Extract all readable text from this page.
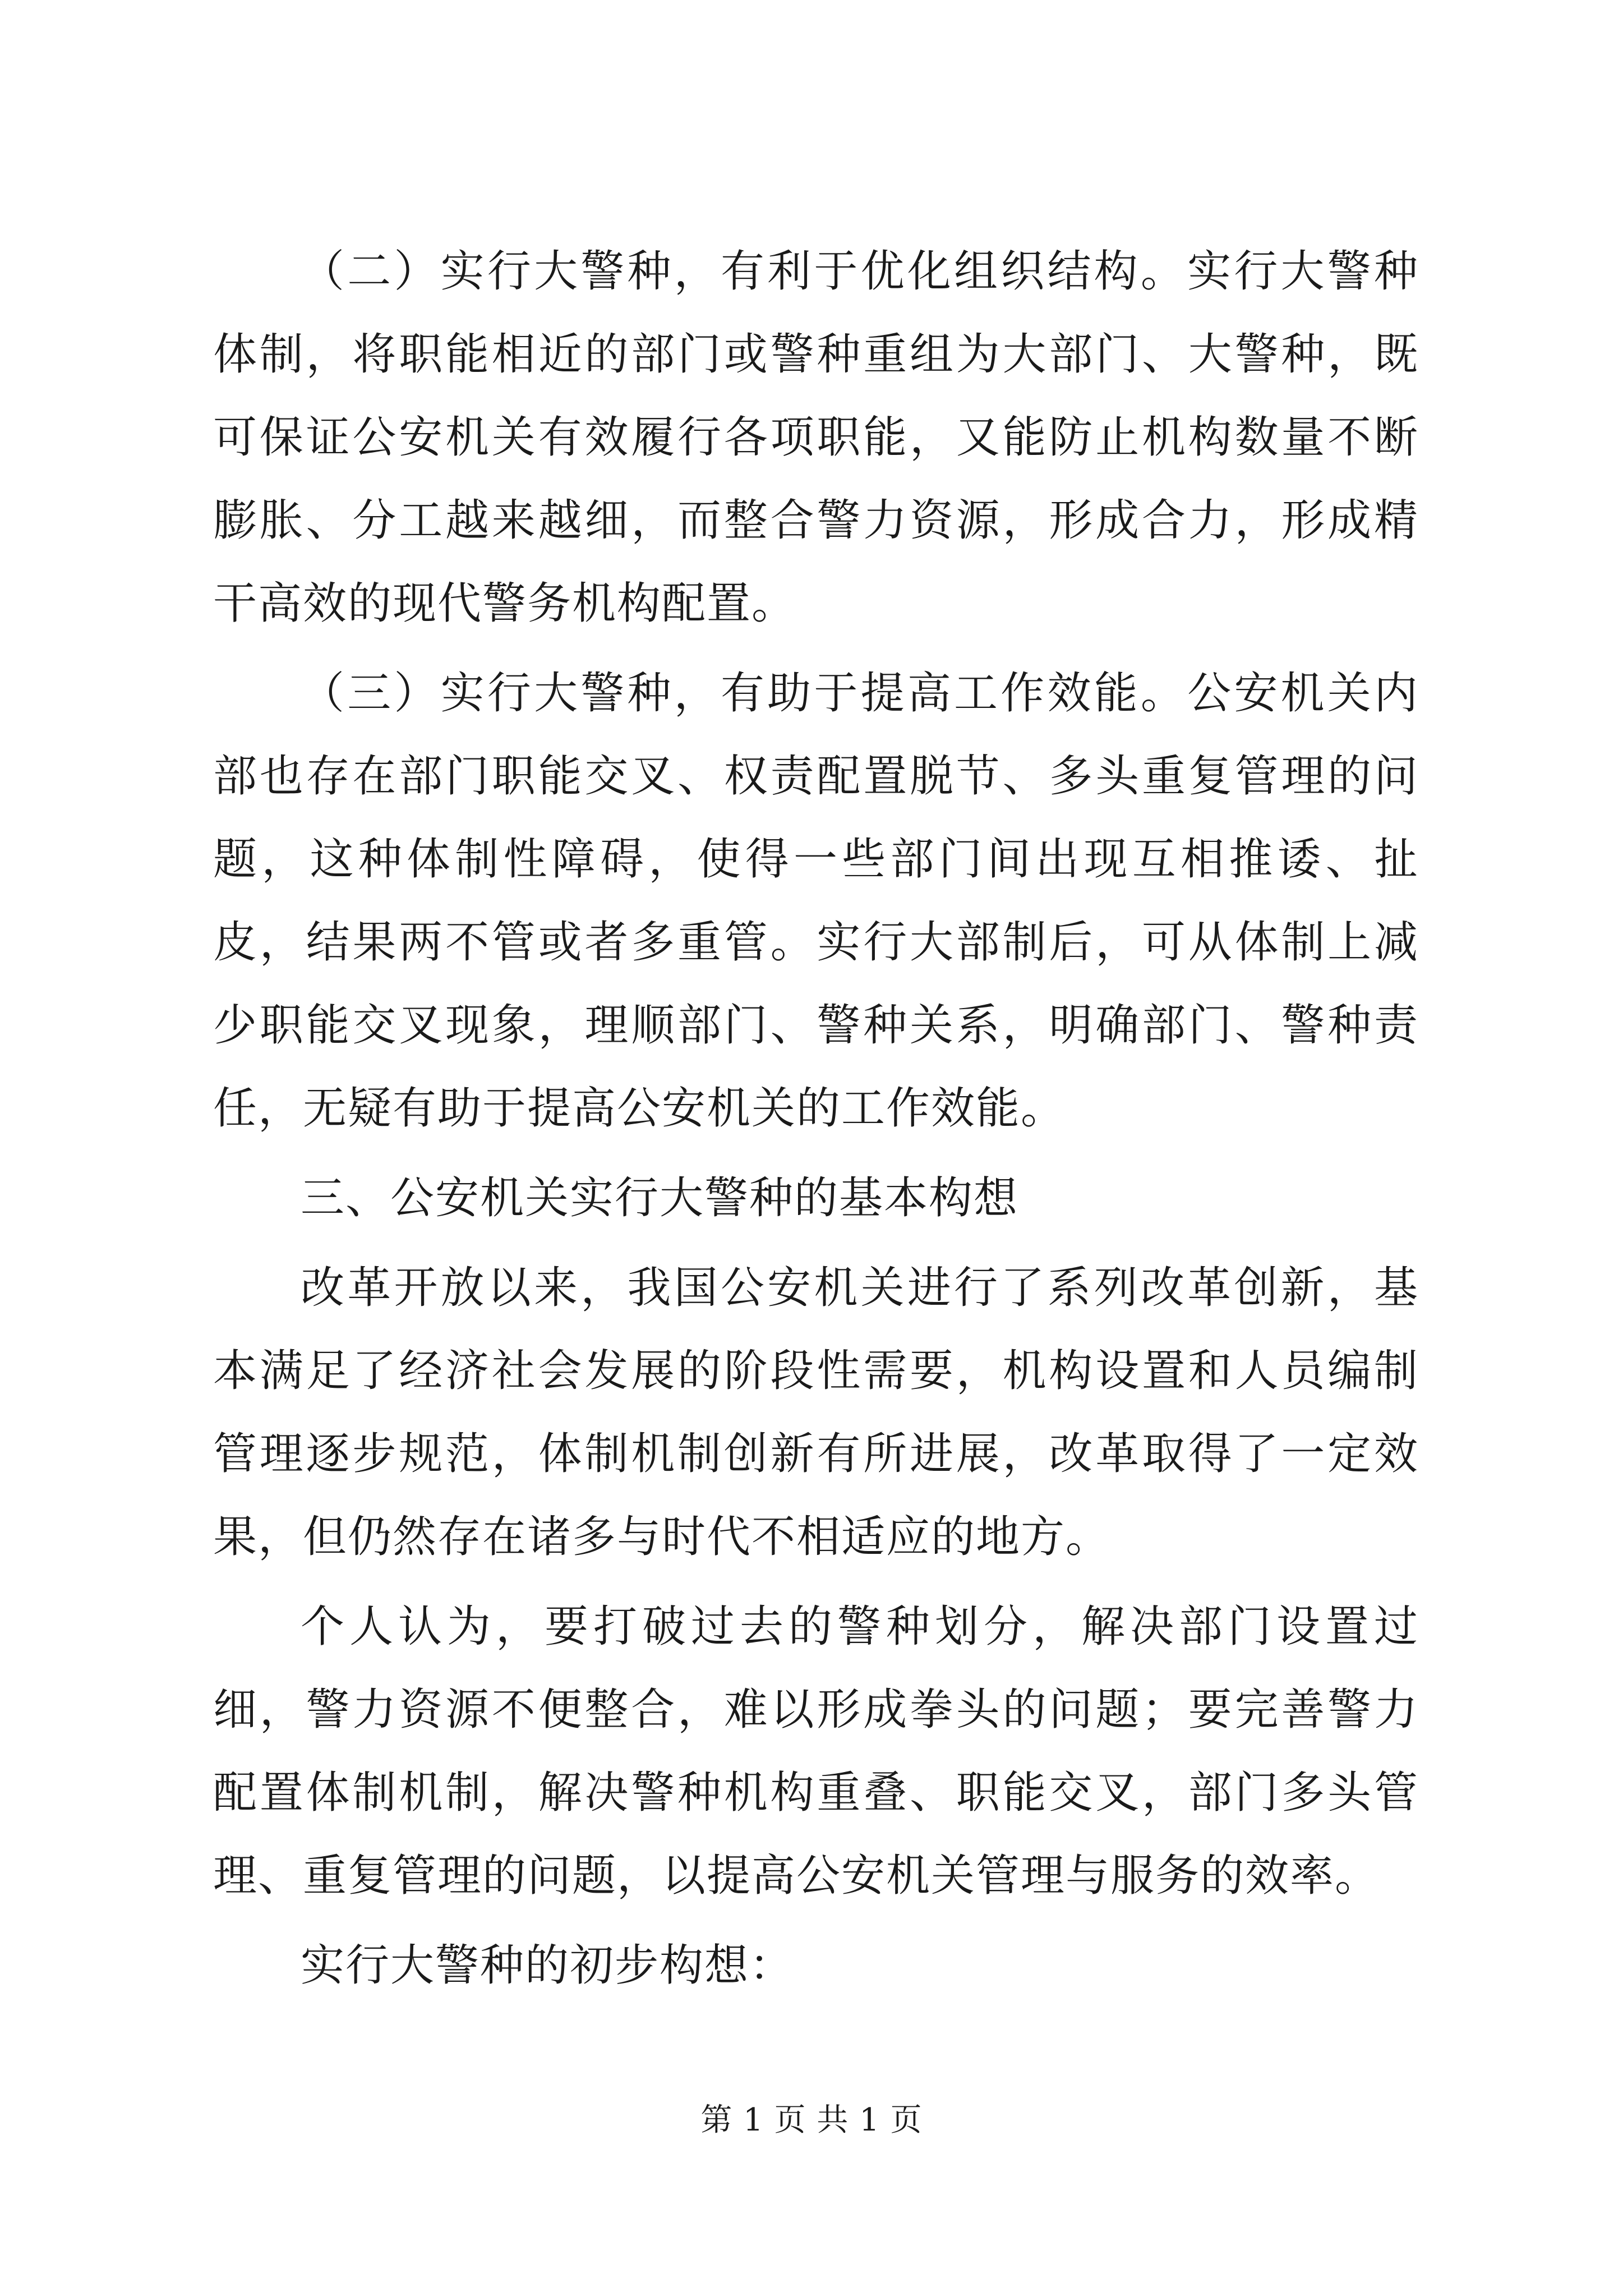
（二）实行大警种，有利于优化组织结构。实行大警种体制，将职能相近的部门或警种重组为大部门、大警种，既可保证公安机关有效履行各项职能，又能防止机构数量不断膨胀、分工越来越细，而整合警力资源，形成合力，形成精干高效的现代警务机构配置。

（三）实行大警种，有助于提高工作效能。公安机关内部也存在部门职能交叉、权责配置脱节、多头重复管理的问题，这种体制性障碍，使得一些部门间出现互相推诿、扯皮，结果两不管或者多重管。实行大部制后，可从体制上减少职能交叉现象，理顺部门、警种关系，明确部门、警种责任，无疑有助于提高公安机关的工作效能。

三、公安机关实行大警种的基本构想

改革开放以来，我国公安机关进行了系列改革创新，基本满足了经济社会发展的阶段性需要，机构设置和人员编制管理逐步规范，体制机制创新有所进展，改革取得了一定效果，但仍然存在诸多与时代不相适应的地方。

个人认为，要打破过去的警种划分，解决部门设置过细，警力资源不便整合，难以形成拳头的问题；要完善警力配置体制机制，解决警种机构重叠、职能交叉，部门多头管理、重复管理的问题，以提高公安机关管理与服务的效率。

实行大警种的初步构想：

第 1 页 共 1 页
